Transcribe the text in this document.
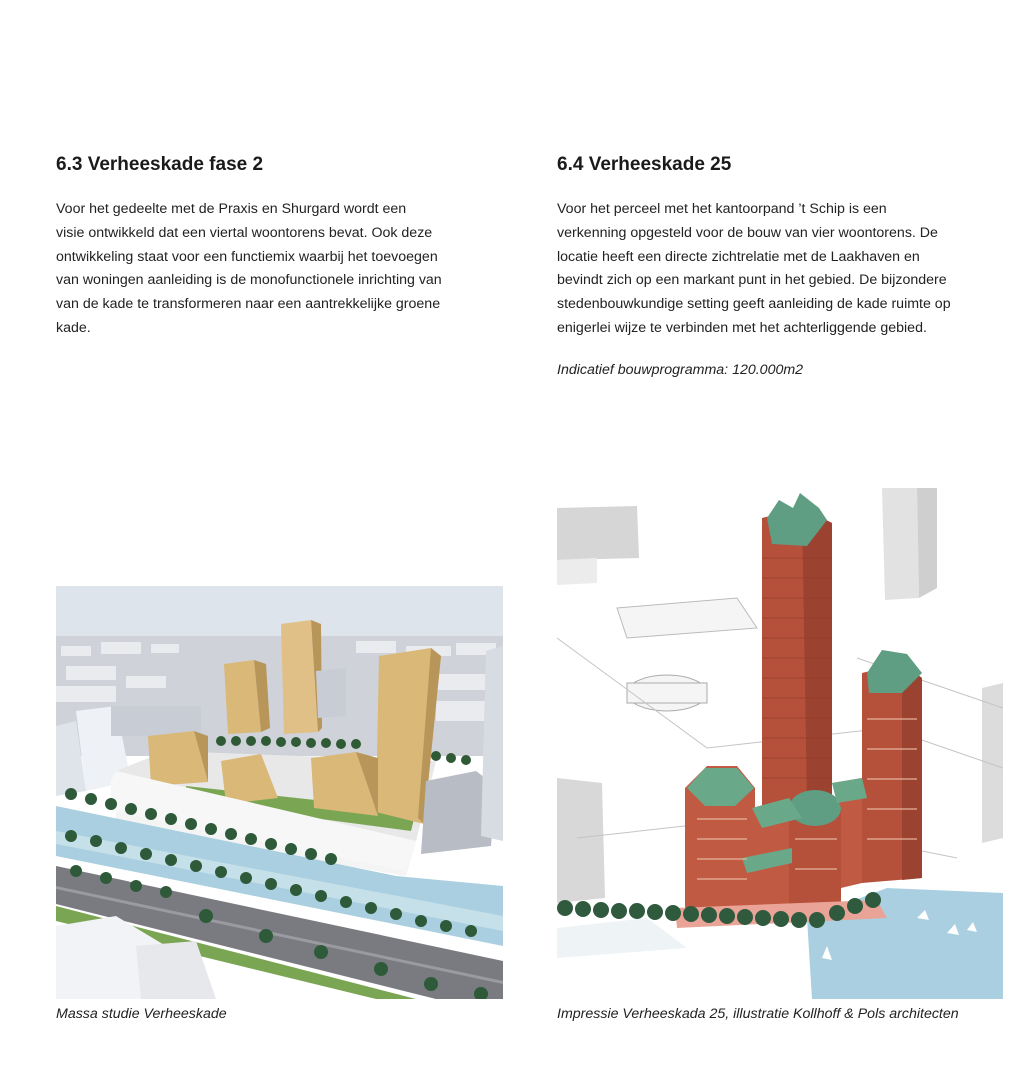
6.3 Verheeskade fase 2
Voor het gedeelte met de Praxis en Shurgard wordt een
visie ontwikkeld dat een viertal woontorens bevat. Ook deze
ontwikkeling staat voor een functiemix waarbij het toevoegen
van woningen aanleiding is de monofunctionele inrichting van
van de kade te transformeren naar een aantrekkelijke groene
kade.
6.4 Verheeskade 25
Voor het perceel met het kantoorpand ’t Schip is een
verkenning opgesteld voor de bouw van vier woontorens. De
locatie heeft een directe zichtrelatie met de Laakhaven en
bevindt zich op een markant punt in het gebied. De bijzondere
stedenbouwkundige setting geeft aanleiding de kade ruimte op
enigerlei wijze te verbinden met het achterliggende gebied.
Indicatief bouwprogramma: 120.000m2
Massa studie Verheeskade	Impressie Verheeskada 25, illustratie Kollhoff & Pols architecten
